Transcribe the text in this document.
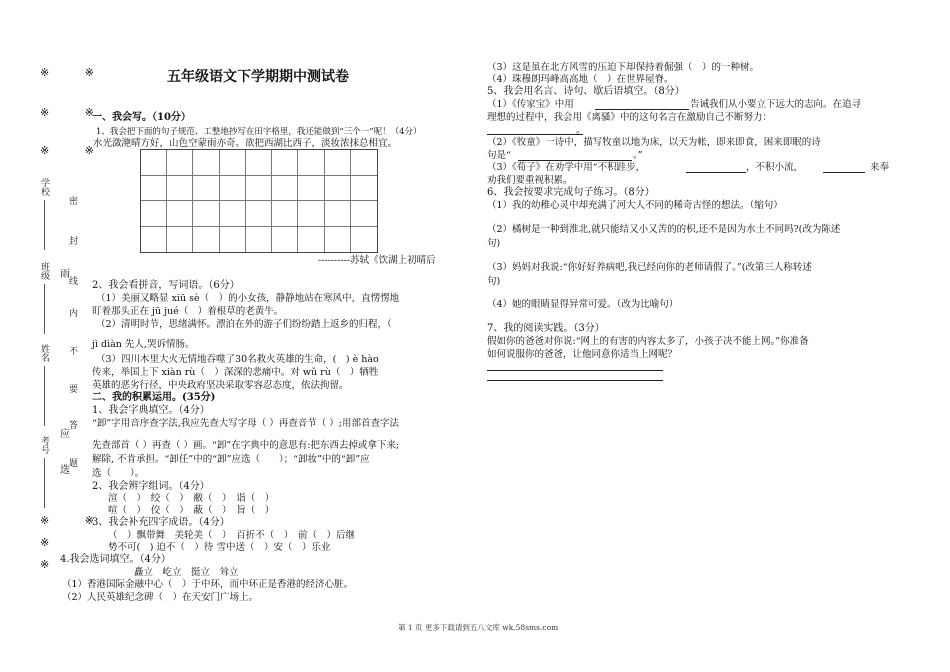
※ ※
※ ※
※ ※
※ ※
※
※
学校
班级
姓名
考号
密
封
线
内
不
要
答
题
雨
应
选
五年级语文下学期期中测试卷
一、我会写。（10分）
1、我会把下面的句子规范、工整地抄写在田字格里，我还能做到“三个一”呢！（4分）
水光潋滟晴方好，山色空蒙雨亦奇。欲把西湖比西子，淡妆浓抹总相宜。
----------苏轼《饮湖上初晴后
2、我会看拼音，写词语。（6分）
（1）美丽又略显 xiū sè（　）的小女孩，静静地站在寒风中，直愣愣地
盯着那头正在 jū jué（　）着根草的老黄牛。
（2）清明时节，思绪满怀。漂泊在外的游子们纷纷踏上返乡的归程，（
jì diàn 先人,哭诉情肠。
（3）四川木里大火无情地吞噬了30名救火英雄的生命，(　) è hào
传来，举国上下 xiàn rù（　）深深的悲痛中。对 wǔ rù（　）牺牲
英雄的恶劣行径，中央政府坚决采取零容忍态度，依法拘留。
二、我的积累运用。(35分)
1、我会字典填空。（4分）
“卸”字用音序查字法,我应先查大写字母（ ）再查音节（ ）;用部首查字法
先查部首（ ）再查（ ）画。“卸”在字典中的意思有:把东西去掉或拿下来;
解除, 不肯承担。“卸任”中的“卸”应选（　　）；“卸妆”中的“卸”应
选（　　）。
2、我会辨字组词。（4分）
渲（　）　绞（　）　敝（　）　诣（　）
喧（　）　佼（　）　蔽（　）　旨（　）
3、我会补充四字成语。（4分）
（　）飘带舞　美轮美（　）　百折不（　）　前（　）后继
势不可(　) 迫不（　）待 雪中送（　）安（　）乐业
4.我会选词填空。（4分）
矗立　屹立　挺立　耸立
（1）香港国际金融中心（　）于中环，而中环正是香港的经济心脏。
（2）人民英雄纪念碑（　）在天安门广场上。
（3）这是虽在北方风雪的压迫下却保持着倔强（　）的一种树。
（4）珠穆朗玛峰高高地（　）在世界屋脊。
5、我会用名言、诗句、歇后语填空。（8分）
（1）《传家宝》中用	告诫我们从小要立下远大的志向。在追寻
理想的过程中，我会用《离骚》中的这句名言在激励自己不断努力：
。
（2）《牧童》一诗中，描写牧童以地为床，以天为帐，即来即食，困来即眠的诗
句是“	。”
（3）《荀子》在劝学中用“不积跬步，	，不积小流，	来奉
劝我们要重视积累。
6、我会按要求完成句子练习。（8分）
（1）我的幼稚心灵中却充满了河大人不同的稀奇古怪的想法。（缩句）
（2）橘树是一种到淮北,就只能结又小又苦的的枳,还不是因为水土不同吗?(改为陈述
句)
（3）妈妈对我说:“你好好养病吧,我已经向你的老师请假了。”(改第三人称转述
句)
（4）她的眼睛显得异常可爱。（改为比喻句）
7、我的阅读实践。（3分）
假如你的爸爸对你说:“网上的有害的内容太多了，小孩子决不能上网。”你准备
如何说服你的爸爸，让他同意你适当上网呢？
第 1 页 更多下载请到五八文库 wk.58sms.com
